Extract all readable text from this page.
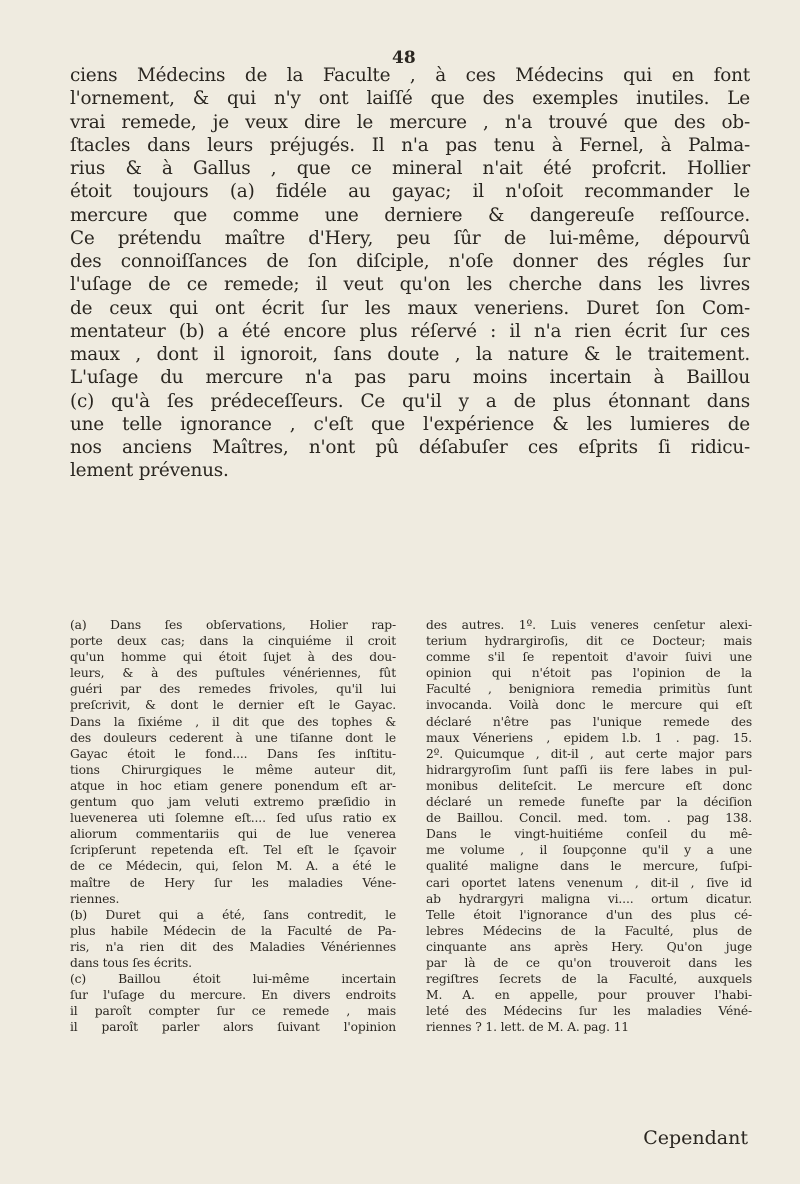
48
ciens Médecins de la Faculte , à ces Médecins qui en font
l'ornement, & qui n'y ont laiſſé que des exemples inutiles. Le
vrai remede, je veux dire le mercure , n'a trouvé que des ob-
ſtacles dans leurs préjugés. Il n'a pas tenu à Fernel, à Palma-
rius & à Gallus , que ce mineral n'ait été profcrit. Hollier
étoit toujours (a) fidéle au gayac; il n'oſoit recommander le
mercure que comme une derniere & dangereuſe reſſource.
Ce prétendu maître d'Hery, peu ſûr de lui-même, dépourvû
des connoiſſances de ſon diſciple, n'oſe donner des régles ſur
l'uſage de ce remede; il veut qu'on les cherche dans les livres
de ceux qui ont écrit ſur les maux veneriens. Duret ſon Com-
mentateur (b) a été encore plus réſervé : il n'a rien écrit ſur ces
maux , dont il ignoroit, ſans doute , la nature & le traitement.
L'uſage du mercure n'a pas paru moins incertain à Baillou
(c) qu'à ſes prédeceſſeurs. Ce qu'il y a de plus étonnant dans
une telle ignorance , c'eſt que l'expérience & les lumieres de
nos anciens Maîtres, n'ont pû déſabuſer ces eſprits ſi ridicu-
lement prévenus.
(a) Dans ſes obſervations, Holier rap-
porte deux cas; dans la cinquiéme il croit
qu'un homme qui étoit ſujet à des dou-
leurs, & à des puſtules vénériennes, fût
guéri par des remedes frivoles, qu'il lui
preſcrivit, & dont le dernier eſt le Gayac.
Dans la ſixiéme , il dit que des tophes &
des douleurs cederent à une tiſanne dont le
Gayac étoit le fond.... Dans ſes inſtitu-
tions Chirurgiques le même auteur dit,
atque in hoc etiam genere ponendum eſt ar-
gentum quo jam veluti extremo præſidio in
luevenerea uti ſolemne eſt.... ſed uſus ratio ex
aliorum commentariis qui de lue venerea
ſcripſerunt repetenda eſt. Tel eſt le ſçavoir
de ce Médecin, qui, ſelon M. A. a été le
maître de Hery ſur les maladies Véne-
riennes.
(b) Duret qui a été, ſans contredit, le
plus habile Médecin de la Faculté de Pa-
ris, n'a rien dit des Maladies Vénériennes
dans tous ſes écrits.
(c) Baillou étoit lui-même incertain
ſur l'uſage du mercure. En divers endroits
il paroît compter ſur ce remede , mais
il paroît parler alors ſuivant l'opinion
des autres. 1º. Luis veneres cenſetur alexi-
terium hydrargiroſis, dit ce Docteur; mais
comme s'il ſe repentoit d'avoir ſuivi une
opinion qui n'étoit pas l'opinion de la
Faculté , benigniora remedia primitùs ſunt
invocanda. Voilà donc le mercure qui eſt
déclaré n'être pas l'unique remede des
maux Véneriens , epidem l.b. 1 . pag. 15.
2º. Quicumque , dit-il , aut certe major pars
hidrargyroſim ſunt paſſi iis fere labes in pul-
monibus deliteſcit. Le mercure eſt donc
déclaré un remede funeſte par la déciſion
de Baillou. Concil. med. tom. . pag 138.
Dans le vingt-huitiéme conſeil du mê-
me volume , il ſoupçonne qu'il y a une
qualité maligne dans le mercure, ſuſpi-
cari oportet latens venenum , dit-il , ſive id
ab hydrargyri maligna vi.... ortum dicatur.
Telle étoit l'ignorance d'un des plus cé-
lebres Médecins de la Faculté, plus de
cinquante ans après Hery. Qu'on juge
par là de ce qu'on trouveroit dans les
regiſtres ſecrets de la Faculté, auxquels
M. A. en appelle, pour prouver l'habi-
leté des Médecins ſur les maladies Véné-
riennes ? 1. lett. de M. A. pag. 11
Cependant
